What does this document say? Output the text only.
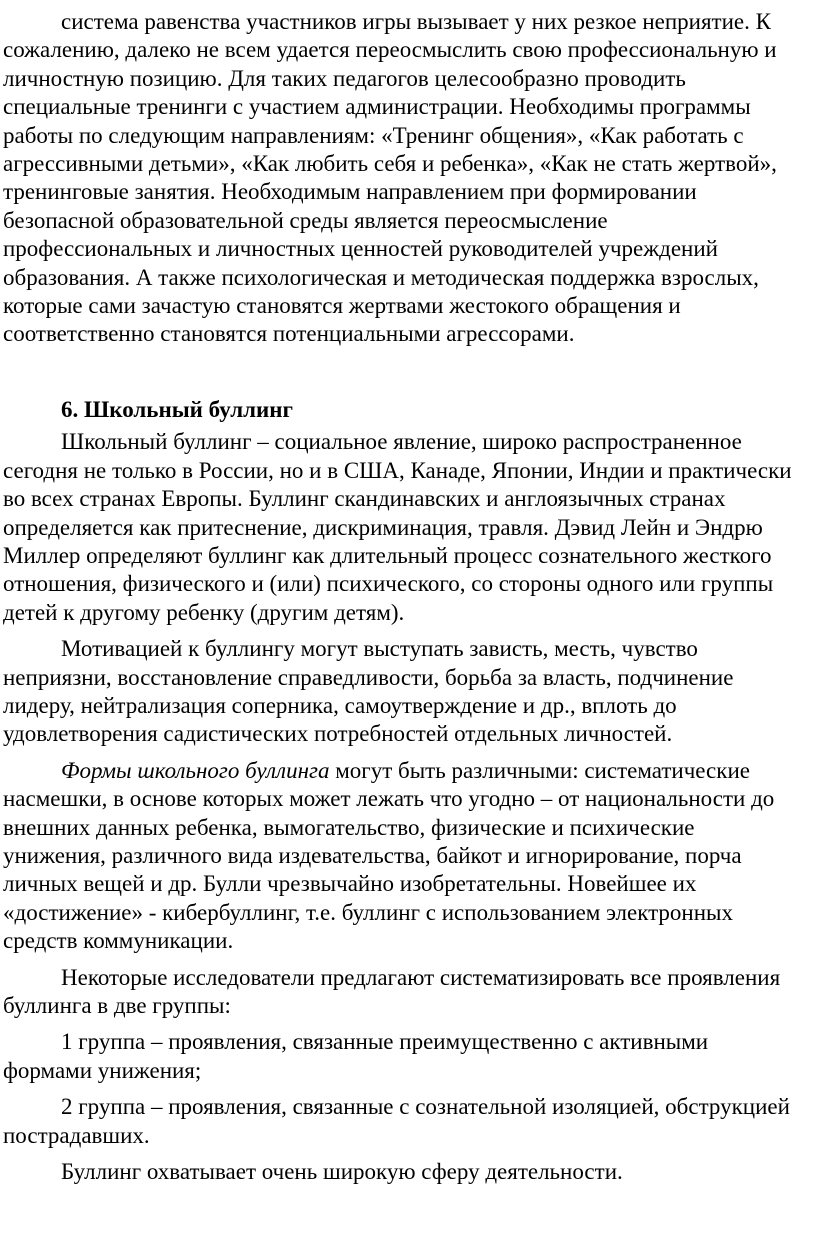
система равенства участников игры вызывает у них резкое неприятие. К сожалению, далеко не всем удается переосмыслить свою профессиональную и личностную позицию. Для таких педагогов целесообразно проводить специальные тренинги с участием администрации. Необходимы программы работы по следующим направлениям: «Тренинг общения», «Как работать с агрессивными детьми», «Как любить себя и ребенка», «Как не стать жертвой», тренинговые занятия. Необходимым направлением при формировании безопасной образовательной среды является переосмысление профессиональных и личностных ценностей руководителей учреждений образования. А также психологическая и методическая поддержка взрослых, которые сами зачастую становятся жертвами жестокого обращения и соответственно становятся потенциальными агрессорами.

6. Школьный буллинг

Школьный буллинг – социальное явление, широко распространенное сегодня не только в России, но и в США, Канаде, Японии, Индии и практически во всех странах Европы. Буллинг скандинавских и англоязычных странах определяется как притеснение, дискриминация, травля. Дэвид Лейн и Эндрю Миллер определяют буллинг как длительный процесс сознательного жесткого отношения, физического и (или) психического, со стороны одного или группы детей к другому ребенку (другим детям).

Мотивацией к буллингу могут выступать зависть, месть, чувство неприязни, восстановление справедливости, борьба за власть, подчинение лидеру, нейтрализация соперника, самоутверждение и др., вплоть до удовлетворения садистических потребностей отдельных личностей.

Формы школьного буллинга могут быть различными: систематические насмешки, в основе которых может лежать что угодно – от национальности до внешних данных ребенка, вымогательство, физические и психические унижения, различного вида издевательства, байкот и игнорирование, порча личных вещей и др. Булли чрезвычайно изобретательны. Новейшее их «достижение» - кибербуллинг, т.е. буллинг с использованием электронных средств коммуникации.

Некоторые исследователи предлагают систематизировать все проявления буллинга в две группы:

1 группа – проявления, связанные преимущественно с активными формами унижения;

2 группа – проявления, связанные с сознательной изоляцией, обструкцией пострадавших.

Буллинг охватывает очень широкую сферу деятельности.
